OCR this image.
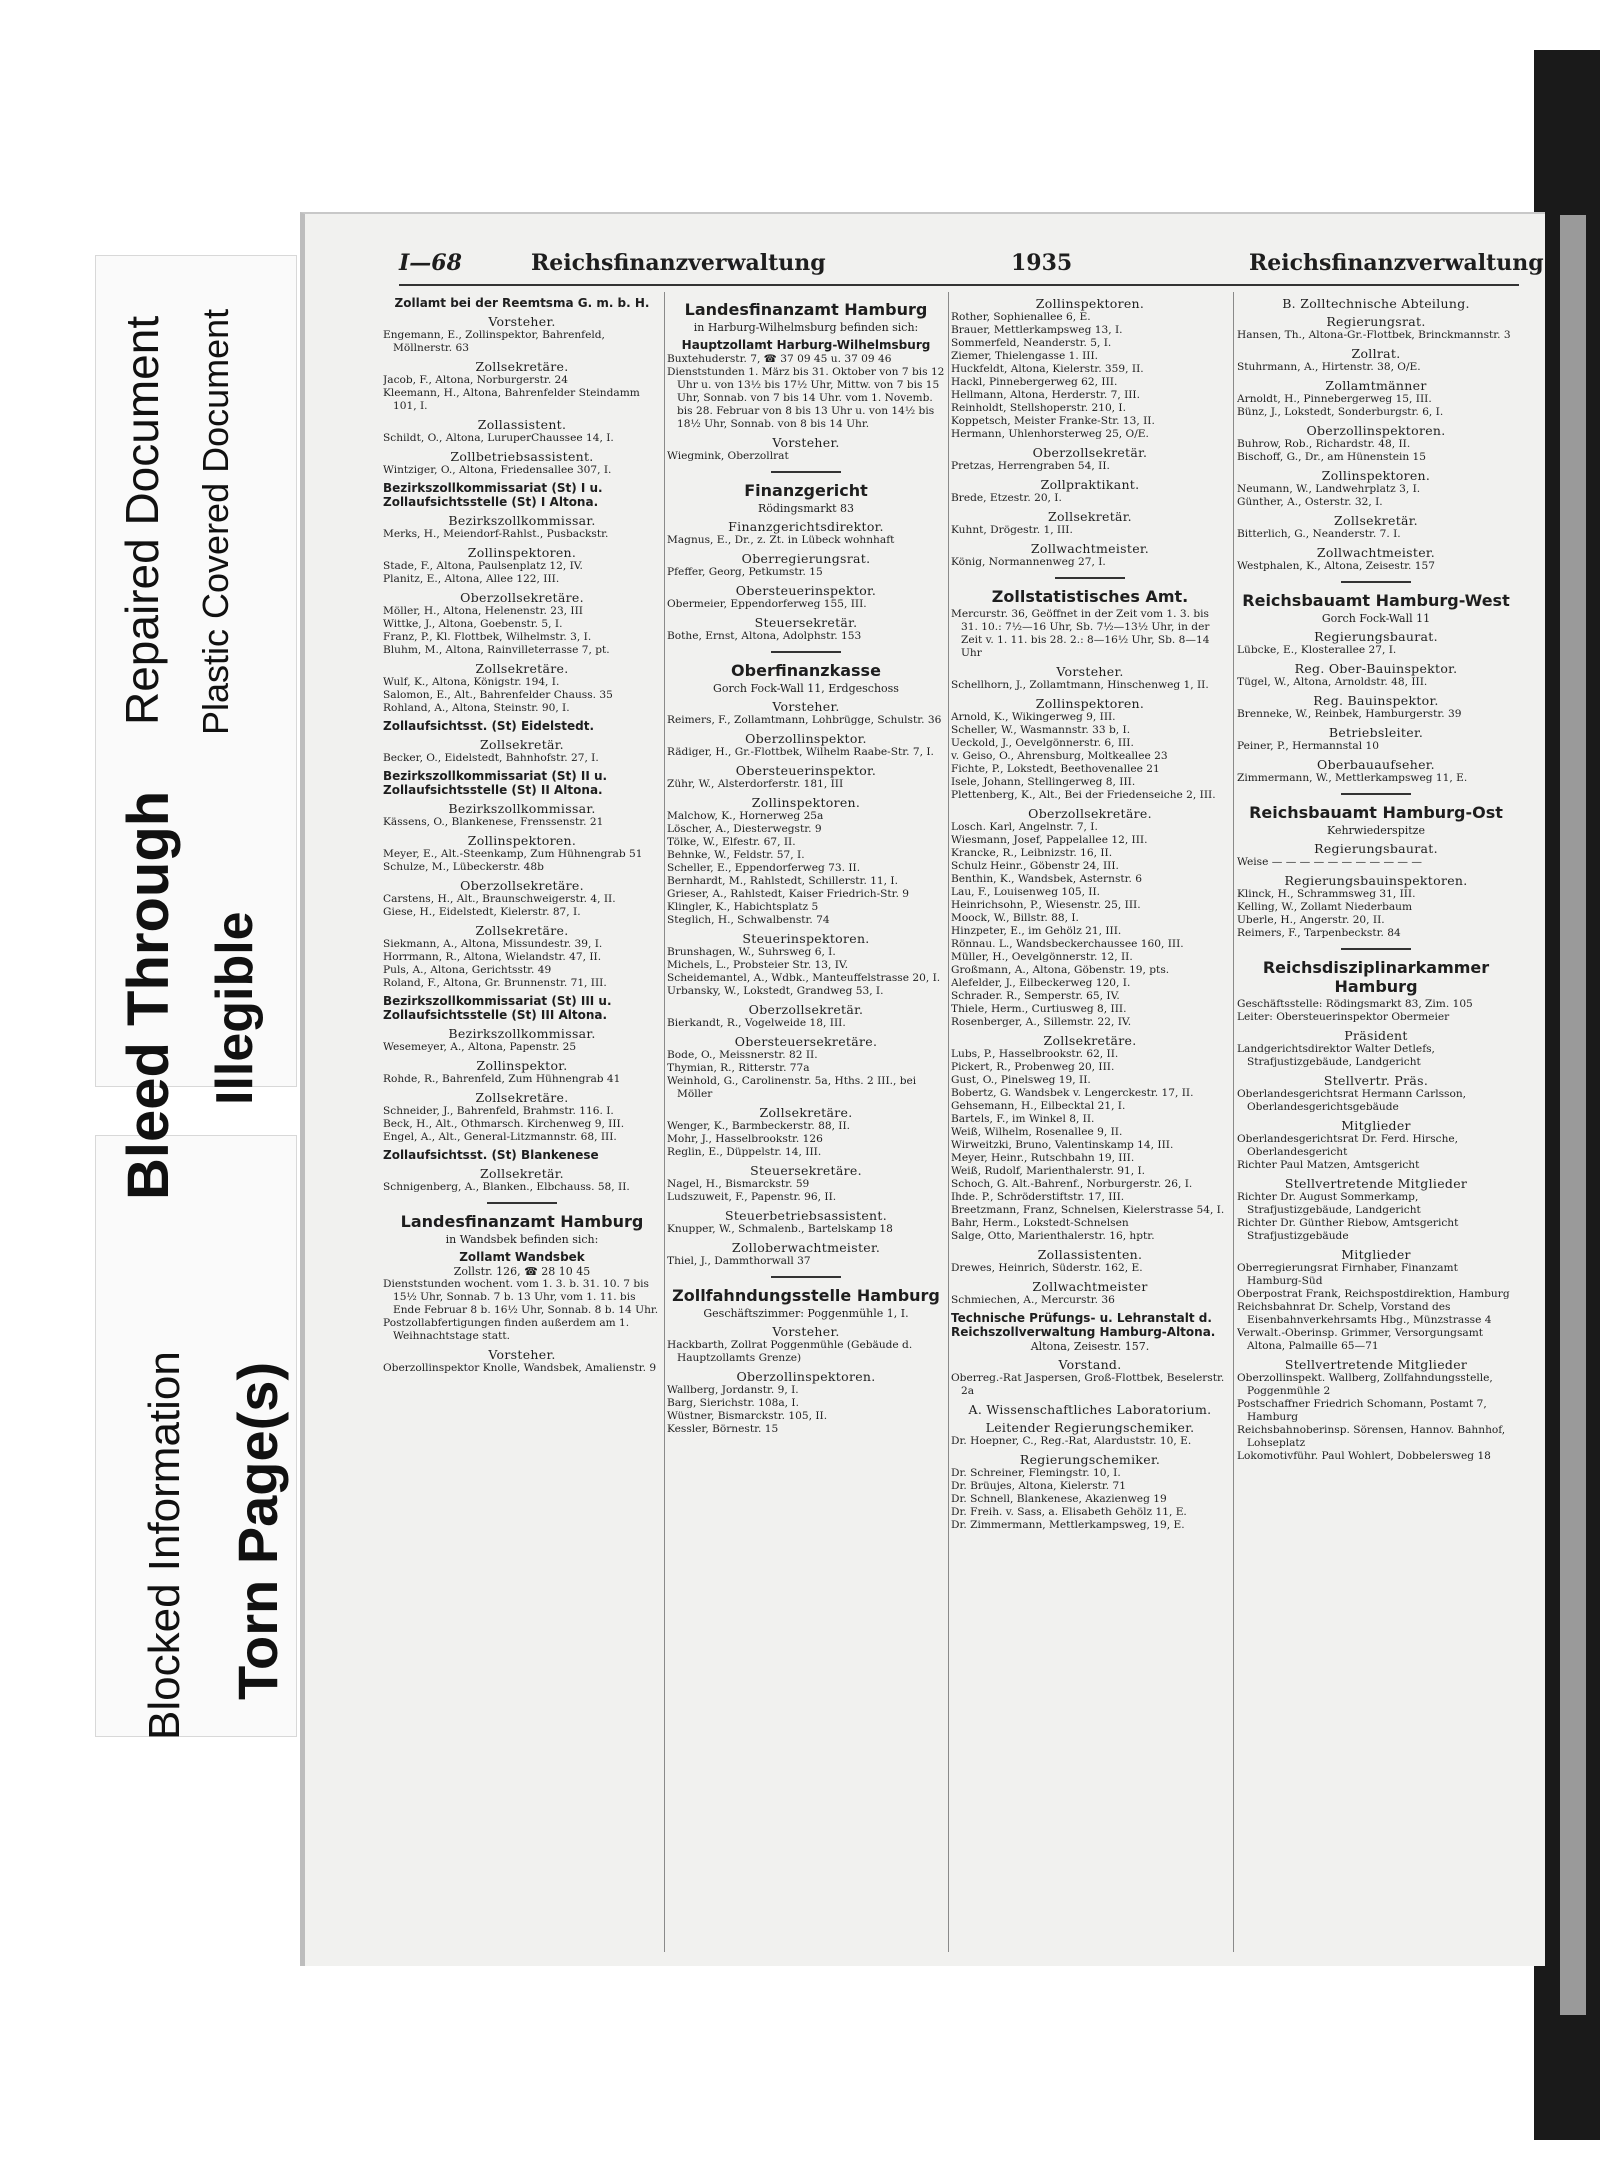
Repaired Document Plastic Covered Document
Bleed Through Illegible
Blocked Information Torn Page(s)
I—68	Reichsfinanzverwaltung	1935	Reichsfinanzverwaltung
Zollamt bei der Reemtsma G. m. b. H.
Vorsteher.

Engemann, E., Zollinspektor, Bahrenfeld, Möllnerstr. 63

Zollsekretäre.

Jacob, F., Altona, Norburgerstr. 24

Kleemann, H., Altona, Bahrenfelder Steindamm 101, I.

Zollassistent.

Schildt, O., Altona, LuruperChaussee 14, I.

Zollbetriebsassistent.

Wintziger, O., Altona, Friedensallee 307, I.

Bezirkszollkommissariat (St) I u. Zollaufsichtsstelle (St) I Altona.
Bezirkszollkommissar.

Merks, H., Meiendorf-Rahlst., Pusbackstr.

Zollinspektoren.

Stade, F., Altona, Paulsenplatz 12, IV.

Planitz, E., Altona, Allee 122, III.

Oberzollsekretäre.

Möller, H., Altona, Helenenstr. 23, III

Wittke, J., Altona, Goebenstr. 5, I.

Franz, P., Kl. Flottbek, Wilhelmstr. 3, I.

Bluhm, M., Altona, Rainvilleterrasse 7, pt.

Zollsekretäre.

Wulf, K., Altona, Königstr. 194, I.

Salomon, E., Alt., Bahrenfelder Chauss. 35

Rohland, A., Altona, Steinstr. 90, I.

Zollaufsichtsst. (St) Eidelstedt.
Zollsekretär.

Becker, O., Eidelstedt, Bahnhofstr. 27, I.

Bezirkszollkommissariat (St) II u. Zollaufsichtsstelle (St) II Altona.
Bezirkszollkommissar.

Kässens, O., Blankenese, Frenssenstr. 21

Zollinspektoren.

Meyer, E., Alt.-Steenkamp, Zum Hühnengrab 51

Schulze, M., Lübeckerstr. 48b

Oberzollsekretäre.

Carstens, H., Alt., Braunschweigerstr. 4, II.

Giese, H., Eidelstedt, Kielerstr. 87, I.

Zollsekretäre.

Siekmann, A., Altona, Missundestr. 39, I.

Horrmann, R., Altona, Wielandstr. 47, II.

Puls, A., Altona, Gerichtsstr. 49

Roland, F., Altona, Gr. Brunnenstr. 71, III.

Bezirkszollkommissariat (St) III u. Zollaufsichtsstelle (St) III Altona.
Bezirkszollkommissar.

Wesemeyer, A., Altona, Papenstr. 25

Zollinspektor.

Rohde, R., Bahrenfeld, Zum Hühnengrab 41

Zollsekretäre.

Schneider, J., Bahrenfeld, Brahmstr. 116. I.

Beck, H., Alt., Othmarsch. Kirchenweg 9, III.

Engel, A., Alt., General-Litzmannstr. 68, III.

Zollaufsichtsst. (St) Blankenese
Zollsekretär.

Schnigenberg, A., Blanken., Elbchauss. 58, II.

Landesfinanzamt Hamburg
in Wandsbek befinden sich:
Zollamt Wandsbek
Zollstr. 126, ☎ 28 10 45

Dienststunden wochent. vom 1. 3. b. 31. 10. 7 bis 15½ Uhr, Sonnab. 7 b. 13 Uhr, vom 1. 11. bis Ende Februar 8 b. 16½ Uhr, Sonnab. 8 b. 14 Uhr.

Postzollabfertigungen finden außerdem am 1. Weihnachtstage statt.

Vorsteher.

Oberzollinspektor Knolle, Wandsbek, Amalienstr. 9

Landesfinanzamt Hamburg
in Harburg-Wilhelmsburg befinden sich:
Hauptzollamt Harburg-Wilhelmsburg

Buxtehuderstr. 7, ☎ 37 09 45 u. 37 09 46

Dienststunden 1. März bis 31. Oktober von 7 bis 12 Uhr u. von 13½ bis 17½ Uhr, Mittw. von 7 bis 15 Uhr, Sonnab. von 7 bis 14 Uhr. vom 1. Novemb. bis 28. Februar von 8 bis 13 Uhr u. von 14½ bis 18½ Uhr, Sonnab. von 8 bis 14 Uhr.

Vorsteher.

Wiegmink, Oberzollrat

Finanzgericht
Rödingsmarkt 83
Finanzgerichtsdirektor.

Magnus, E., Dr., z. Zt. in Lübeck wohnhaft

Oberregierungsrat.

Pfeffer, Georg, Petkumstr. 15

Obersteuerinspektor.

Obermeier, Eppendorferweg 155, III.

Steuersekretär.

Bothe, Ernst, Altona, Adolphstr. 153

Oberfinanzkasse
Gorch Fock-Wall 11, Erdgeschoss
Vorsteher.

Reimers, F., Zollamtmann, Lohbrügge, Schulstr. 36

Oberzollinspektor.

Rädiger, H., Gr.-Flottbek, Wilhelm Raabe-Str. 7, I.

Obersteuerinspektor.

Zühr, W., Alsterdorferstr. 181, III

Zollinspektoren.

Malchow, K., Hornerweg 25a

Löscher, A., Diesterwegstr. 9

Tölke, W., Elfestr. 67, II.

Behnke, W., Feldstr. 57, I.

Scheller, E., Eppendorferweg 73. II.

Bernhardt, M., Rahlstedt, Schillerstr. 11, I.

Grieser, A., Rahlstedt, Kaiser Friedrich-Str. 9

Klingler, K., Habichtsplatz 5

Steglich, H., Schwalbenstr. 74

Steuerinspektoren.

Brunshagen, W., Suhrsweg 6, I.

Michels, L., Probsteier Str. 13, IV.

Scheidemantel, A., Wdbk., Manteuffelstrasse 20, I.

Urbansky, W., Lokstedt, Grandweg 53, I.

Oberzollsekretär.

Bierkandt, R., Vogelweide 18, III.

Obersteuersekretäre.

Bode, O., Meissnerstr. 82 II.

Thymian, R., Ritterstr. 77a

Weinhold, G., Carolinenstr. 5a, Hths. 2 III., bei Möller

Zollsekretäre.

Wenger, K., Barmbeckerstr. 88, II.

Mohr, J., Hasselbrookstr. 126

Reglin, E., Düppelstr. 14, III.

Steuersekretäre.

Nagel, H., Bismarckstr. 59

Ludszuweit, F., Papenstr. 96, II.

Steuerbetriebsassistent.

Knupper, W., Schmalenb., Bartelskamp 18

Zolloberwachtmeister.

Thiel, J., Dammthorwall 37

Zollfahndungsstelle Hamburg
Geschäftszimmer: Poggenmühle 1, I.
Vorsteher.

Hackbarth, Zollrat Poggenmühle (Gebäude d. Hauptzollamts Grenze)

Oberzollinspektoren.

Wallberg, Jordanstr. 9, I.

Barg, Sierichstr. 108a, I.

Wüstner, Bismarckstr. 105, II.

Kessler, Börnestr. 15

Zollinspektoren.

Rother, Sophienallee 6, E.

Brauer, Mettlerkampsweg 13, I.

Sommerfeld, Neanderstr. 5, I.

Ziemer, Thielengasse 1. III.

Huckfeldt, Altona, Kielerstr. 359, II.

Hackl, Pinnebergerweg 62, III.

Hellmann, Altona, Herderstr. 7, III.

Reinholdt, Stellshoperstr. 210, I.

Koppetsch, Meister Franke-Str. 13, II.

Hermann, Uhlenhorsterweg 25, O/E.

Oberzollsekretär.

Pretzas, Herrengraben 54, II.

Zollpraktikant.

Brede, Etzestr. 20, I.

Zollsekretär.

Kuhnt, Drögestr. 1, III.

Zollwachtmeister.

König, Normannenweg 27, I.

Zollstatistisches Amt.

Mercurstr. 36, Geöffnet in der Zeit vom 1. 3. bis 31. 10.: 7½—16 Uhr, Sb. 7½—13½ Uhr, in der Zeit v. 1. 11. bis 28. 2.: 8—16½ Uhr, Sb. 8—14 Uhr

Vorsteher.

Schellhorn, J., Zollamtmann, Hinschenweg 1, II.

Zollinspektoren.

Arnold, K., Wikingerweg 9, III.

Scheller, W., Wasmannstr. 33 b, I.

Ueckold, J., Oevelgönnerstr. 6, III.

v. Geiso, O., Ahrensburg, Moltkeallee 23

Fichte, P., Lokstedt, Beethovenallee 21

Isele, Johann, Stellingerweg 8, III.

Plettenberg, K., Alt., Bei der Friedenseiche 2, III.

Oberzollsekretäre.

Losch. Karl, Angelnstr. 7, I.

Wiesmann, Josef, Pappelallee 12, III.

Krancke, R., Leibnizstr. 16, II.

Schulz Heinr., Göbenstr 24, III.

Benthin, K., Wandsbek, Asternstr. 6

Lau, F., Louisenweg 105, II.

Heinrichsohn, P., Wiesenstr. 25, III.

Moock, W., Billstr. 88, I.

Hinzpeter, E., im Gehölz 21, III.

Rönnau. L., Wandsbeckerchaussee 160, III.

Müller, H., Oevelgönnerstr. 12, II.

Großmann, A., Altona, Göbenstr. 19, pts.

Alefelder, J., Eilbeckerweg 120, I.

Schrader. R., Semperstr. 65, IV.

Thiele, Herm., Curtiusweg 8, III.

Rosenberger, A., Sillemstr. 22, IV.

Zollsekretäre.

Lubs, P., Hasselbrookstr. 62, II.

Pickert, R., Probenweg 20, III.

Gust, O., Pinelsweg 19, II.

Bobertz, G. Wandsbek v. Lengerckestr. 17, II.

Gehsemann, H., Eilbecktal 21, I.

Bartels, F., im Winkel 8, II.

Weiß, Wilhelm, Rosenallee 9, II.

Wirweitzki, Bruno, Valentinskamp 14, III.

Meyer, Heinr., Rutschbahn 19, III.

Weiß, Rudolf, Marienthalerstr. 91, I.

Schoch, G. Alt.-Bahrenf., Norburgerstr. 26, I.

Ihde. P., Schröderstiftstr. 17, III.

Breetzmann, Franz, Schnelsen, Kielerstrasse 54, I.

Bahr, Herm., Lokstedt-Schnelsen

Salge, Otto, Marienthalerstr. 16, hptr.

Zollassistenten.

Drewes, Heinrich, Süderstr. 162, E.

Zollwachtmeister

Schmiechen, A., Mercurstr. 36

Technische Prüfungs- u. Lehranstalt d. Reichszollverwaltung Hamburg-Altona.
Altona, Zeisestr. 157.
Vorstand.

Oberreg.-Rat Jaspersen, Groß-Flottbek, Beselerstr. 2a

A. Wissenschaftliches Laboratorium.
Leitender Regierungschemiker.

Dr. Hoepner, C., Reg.-Rat, Alarduststr. 10, E.

Regierungschemiker.

Dr. Schreiner, Flemingstr. 10, I.

Dr. Brüujes, Altona, Kielerstr. 71

Dr. Schnell, Blankenese, Akazienweg 19

Dr. Freih. v. Sass, a. Elisabeth Gehölz 11, E.

Dr. Zimmermann, Mettlerkampsweg, 19, E.

B. Zolltechnische Abteilung.
Regierungsrat.

Hansen, Th., Altona-Gr.-Flottbek, Brinckmannstr. 3

Zollrat.

Stuhrmann, A., Hirtenstr. 38, O/E.

Zollamtmänner

Arnoldt, H., Pinnebergerweg 15, III.

Bünz, J., Lokstedt, Sonderburgstr. 6, I.

Oberzollinspektoren.

Buhrow, Rob., Richardstr. 48, II.

Bischoff, G., Dr., am Hünenstein 15

Zollinspektoren.

Neumann, W., Landwehrplatz 3, I.

Günther, A., Osterstr. 32, I.

Zollsekretär.

Bitterlich, G., Neanderstr. 7. I.

Zollwachtmeister.

Westphalen, K., Altona, Zeisestr. 157

Reichsbauamt Hamburg-West
Gorch Fock-Wall 11
Regierungsbaurat.

Lübcke, E., Klosterallee 27, I.

Reg. Ober-Bauinspektor.

Tügel, W., Altona, Arnoldstr. 48, III.

Reg. Bauinspektor.

Brenneke, W., Reinbek, Hamburgerstr. 39

Betriebsleiter.

Peiner, P., Hermannstal 10

Oberbauaufseher.

Zimmermann, W., Mettlerkampsweg 11, E.

Reichsbauamt Hamburg-Ost
Kehrwiederspitze
Regierungsbaurat.

Weise — — — — — — — — — — —

Regierungsbauinspektoren.

Klinck, H., Schrammsweg 31, III.

Kelling, W., Zollamt Niederbaum

Uberle, H., Angerstr. 20, II.

Reimers, F., Tarpenbeckstr. 84

Reichsdisziplinarkammer Hamburg

Geschäftsstelle: Rödingsmarkt 83, Zim. 105

Leiter: Obersteuerinspektor Obermeier

Präsident

Landgerichtsdirektor Walter Detlefs, Strafjustizgebäude, Landgericht

Stellvertr. Präs.

Oberlandesgerichtsrat Hermann Carlsson, Oberlandesgerichtsgebäude

Mitglieder

Oberlandesgerichtsrat Dr. Ferd. Hirsche, Oberlandesgericht

Richter Paul Matzen, Amtsgericht

Stellvertretende Mitglieder

Richter Dr. August Sommerkamp, Strafjustizgebäude, Landgericht

Richter Dr. Günther Riebow, Amtsgericht Strafjustizgebäude

Mitglieder

Oberregierungsrat Firnhaber, Finanzamt Hamburg-Süd

Oberpostrat Frank, Reichspostdirektion, Hamburg

Reichsbahnrat Dr. Schelp, Vorstand des Eisenbahnverkehrsamts Hbg., Münzstrasse 4

Verwalt.-Oberinsp. Grimmer, Versorgungsamt Altona, Palmaille 65—71

Stellvertretende Mitglieder

Oberzollinspekt. Wallberg, Zollfahndungsstelle, Poggenmühle 2

Postschaffner Friedrich Schomann, Postamt 7, Hamburg

Reichsbahnoberinsp. Sörensen, Hannov. Bahnhof, Lohseplatz

Lokomotivführ. Paul Wohlert, Dobbelersweg 18
